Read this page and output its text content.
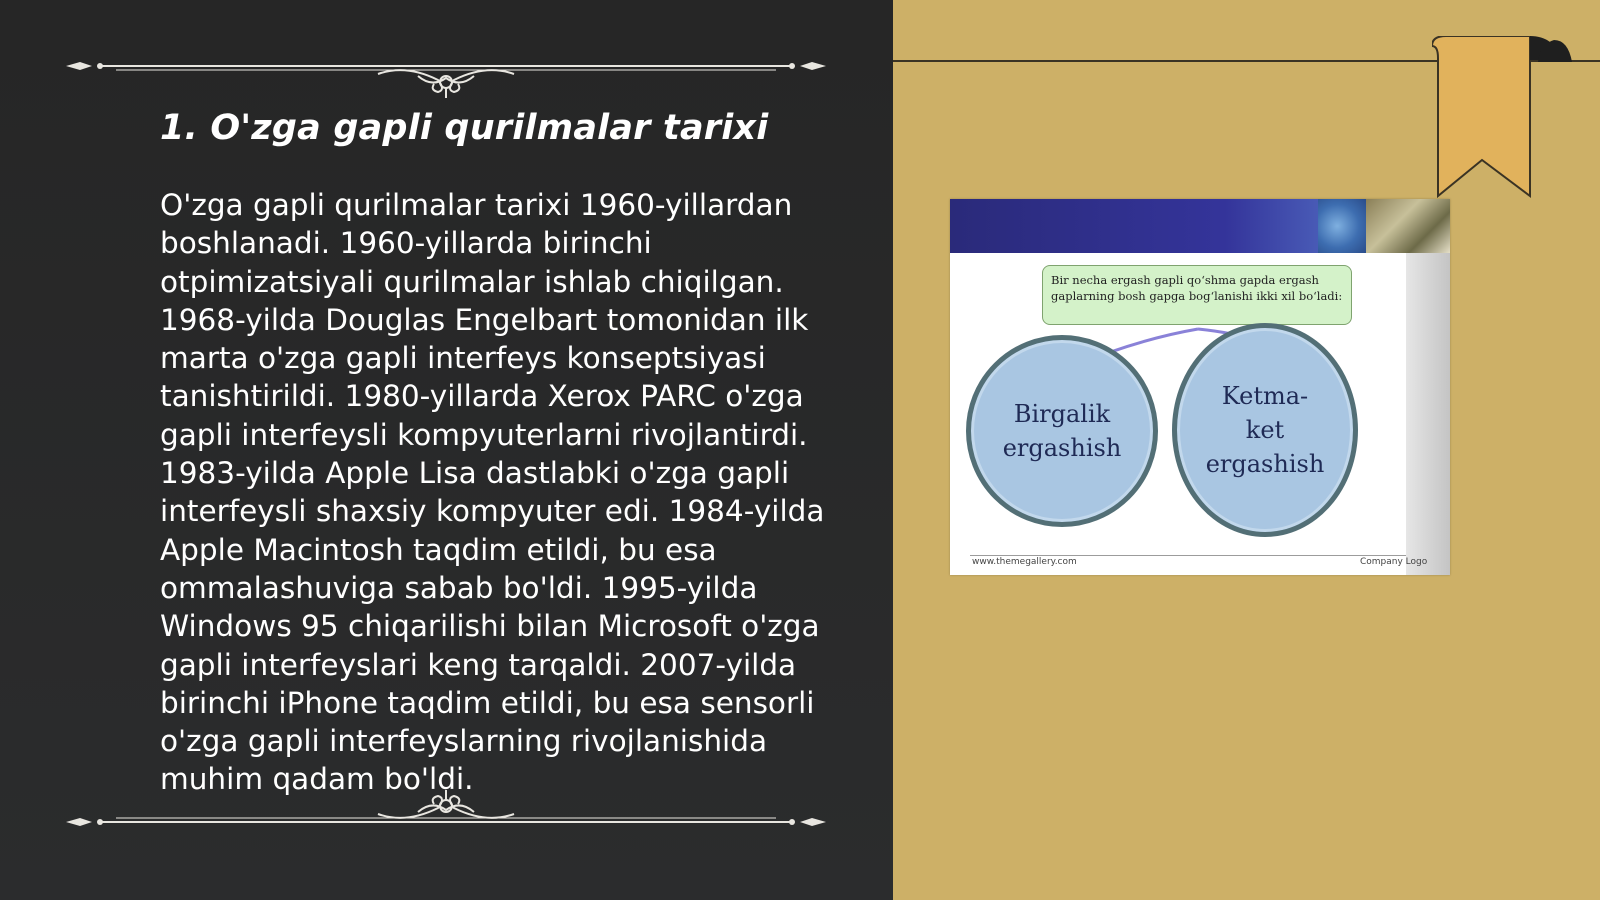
1. O'zga gapli qurilmalar tarixi

O'zga gapli qurilmalar tarixi 1960-yillardan boshlanadi. 1960-yillarda birinchi otpimizatsiyali qurilmalar ishlab chiqilgan. 1968-yilda Douglas Engelbart tomonidan ilk marta o'zga gapli interfeys konseptsiyasi tanishtirildi. 1980-yillarda Xerox PARC o'zga gapli interfeysli kompyuterlarni rivojlantirdi. 1983-yilda Apple Lisa dastlabki o'zga gapli interfeysli shaxsiy kompyuter edi. 1984-yilda Apple Macintosh taqdim etildi, bu esa ommalashuviga sabab bo'ldi. 1995-yilda Windows 95 chiqarilishi bilan Microsoft o'zga gapli interfeyslari keng tarqaldi. 2007-yilda birinchi iPhone taqdim etildi, bu esa sensorli o'zga gapli interfeyslarning rivojlanishida muhim qadam bo'ldi.

Bir necha ergash gapli qo‘shma gapda ergash gaplarning bosh gapga bog‘lanishi ikki xil bo‘ladi:
Birgalik
ergashish
Ketma-
ket
ergashish
www.themegallery.com	Company Logo
